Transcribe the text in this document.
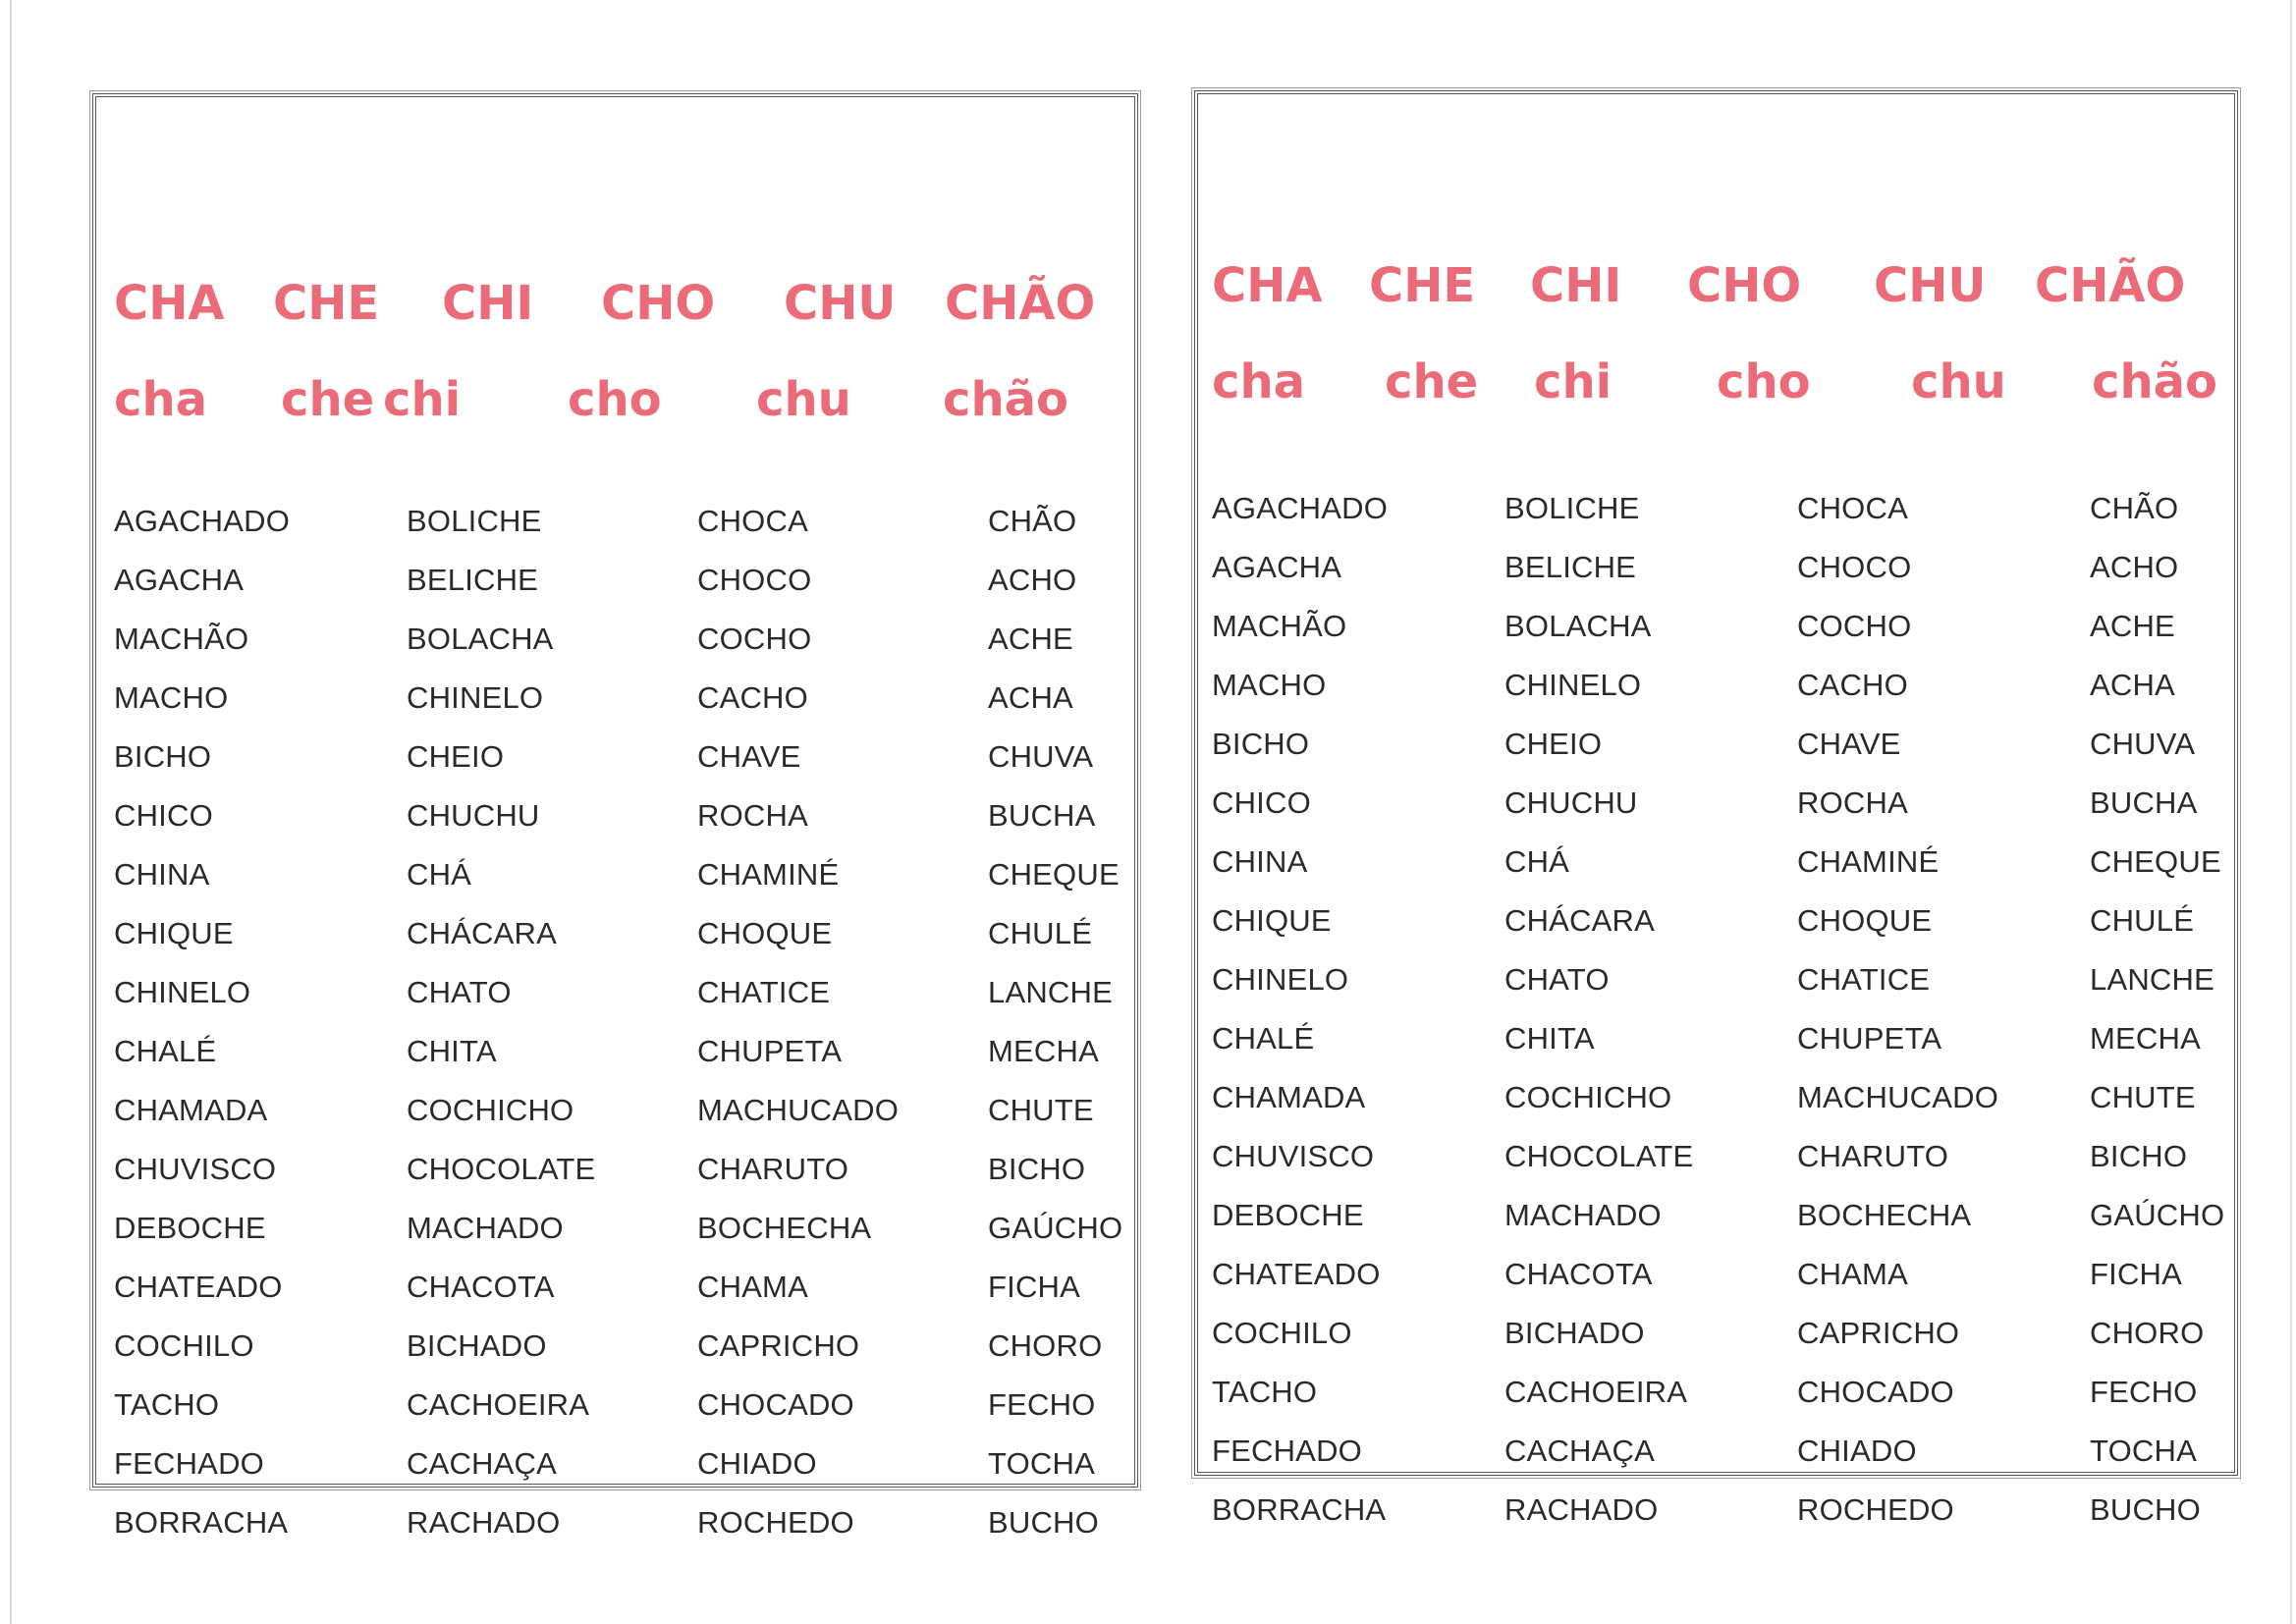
CHA CHE CHI CHO CHU CHÃO
cha che chi cho chu chão
AGACHADO
AGACHA
MACHÃO
MACHO
BICHO
CHICO
CHINA
CHIQUE
CHINELO
CHALÉ
CHAMADA
CHUVISCO
DEBOCHE
CHATEADO
COCHILO
TACHO
FECHADO
BORRACHA
BOLICHE
BELICHE
BOLACHA
CHINELO
CHEIO
CHUCHU
CHÁ
CHÁCARA
CHATO
CHITA
COCHICHO
CHOCOLATE
MACHADO
CHACOTA
BICHADO
CACHOEIRA
CACHAÇA
RACHADO
CHOCA
CHOCO
COCHO
CACHO
CHAVE
ROCHA
CHAMINÉ
CHOQUE
CHATICE
CHUPETA
MACHUCADO
CHARUTO
BOCHECHA
CHAMA
CAPRICHO
CHOCADO
CHIADO
ROCHEDO
CHÃO
ACHO
ACHE
ACHA
CHUVA
BUCHA
CHEQUE
CHULÉ
LANCHE
MECHA
CHUTE
BICHO
GAÚCHO
FICHA
CHORO
FECHO
TOCHA
BUCHO
CHA CHE CHI CHO CHU CHÃO
cha che chi cho chu chão
AGACHADO
AGACHA
MACHÃO
MACHO
BICHO
CHICO
CHINA
CHIQUE
CHINELO
CHALÉ
CHAMADA
CHUVISCO
DEBOCHE
CHATEADO
COCHILO
TACHO
FECHADO
BORRACHA
BOLICHE
BELICHE
BOLACHA
CHINELO
CHEIO
CHUCHU
CHÁ
CHÁCARA
CHATO
CHITA
COCHICHO
CHOCOLATE
MACHADO
CHACOTA
BICHADO
CACHOEIRA
CACHAÇA
RACHADO
CHOCA
CHOCO
COCHO
CACHO
CHAVE
ROCHA
CHAMINÉ
CHOQUE
CHATICE
CHUPETA
MACHUCADO
CHARUTO
BOCHECHA
CHAMA
CAPRICHO
CHOCADO
CHIADO
ROCHEDO
CHÃO
ACHO
ACHE
ACHA
CHUVA
BUCHA
CHEQUE
CHULÉ
LANCHE
MECHA
CHUTE
BICHO
GAÚCHO
FICHA
CHORO
FECHO
TOCHA
BUCHO
